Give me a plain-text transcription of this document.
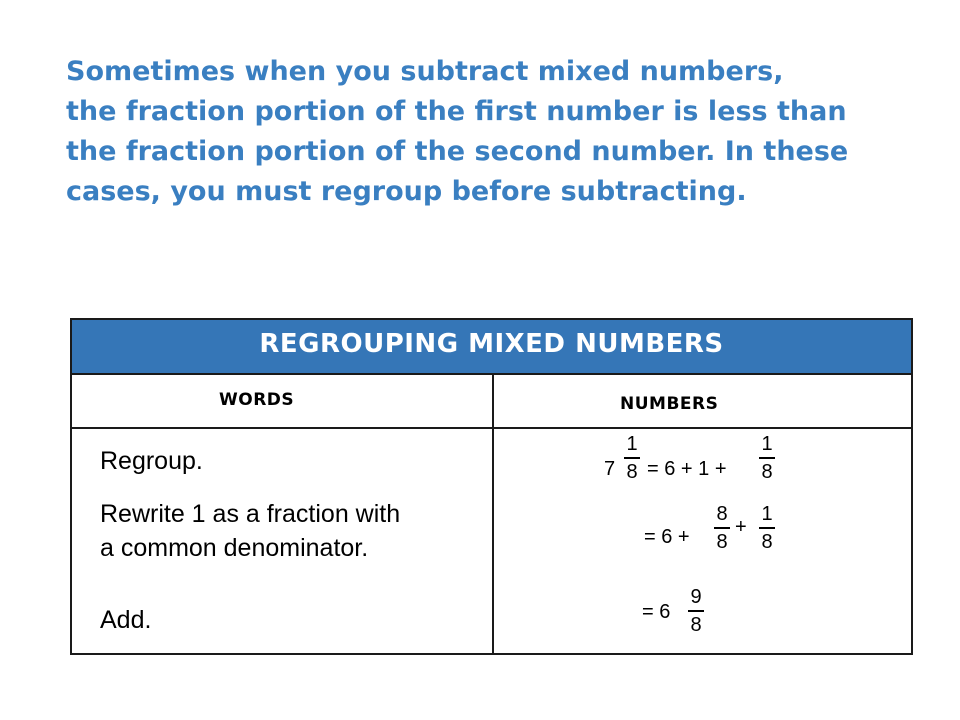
Sometimes when you subtract mixed numbers,
the fraction portion of the first number is less than
the fraction portion of the second number. In these
cases, you must regroup before subtracting.
REGROUPING MIXED NUMBERS
WORDS	NUMBERS
Regroup.
Rewrite 1 as a fraction with
a common denominator.
Add.
7
1
8 = 6 + 1 +
1
8
= 6 +
8
8
+
1
8
= 6
9
8
